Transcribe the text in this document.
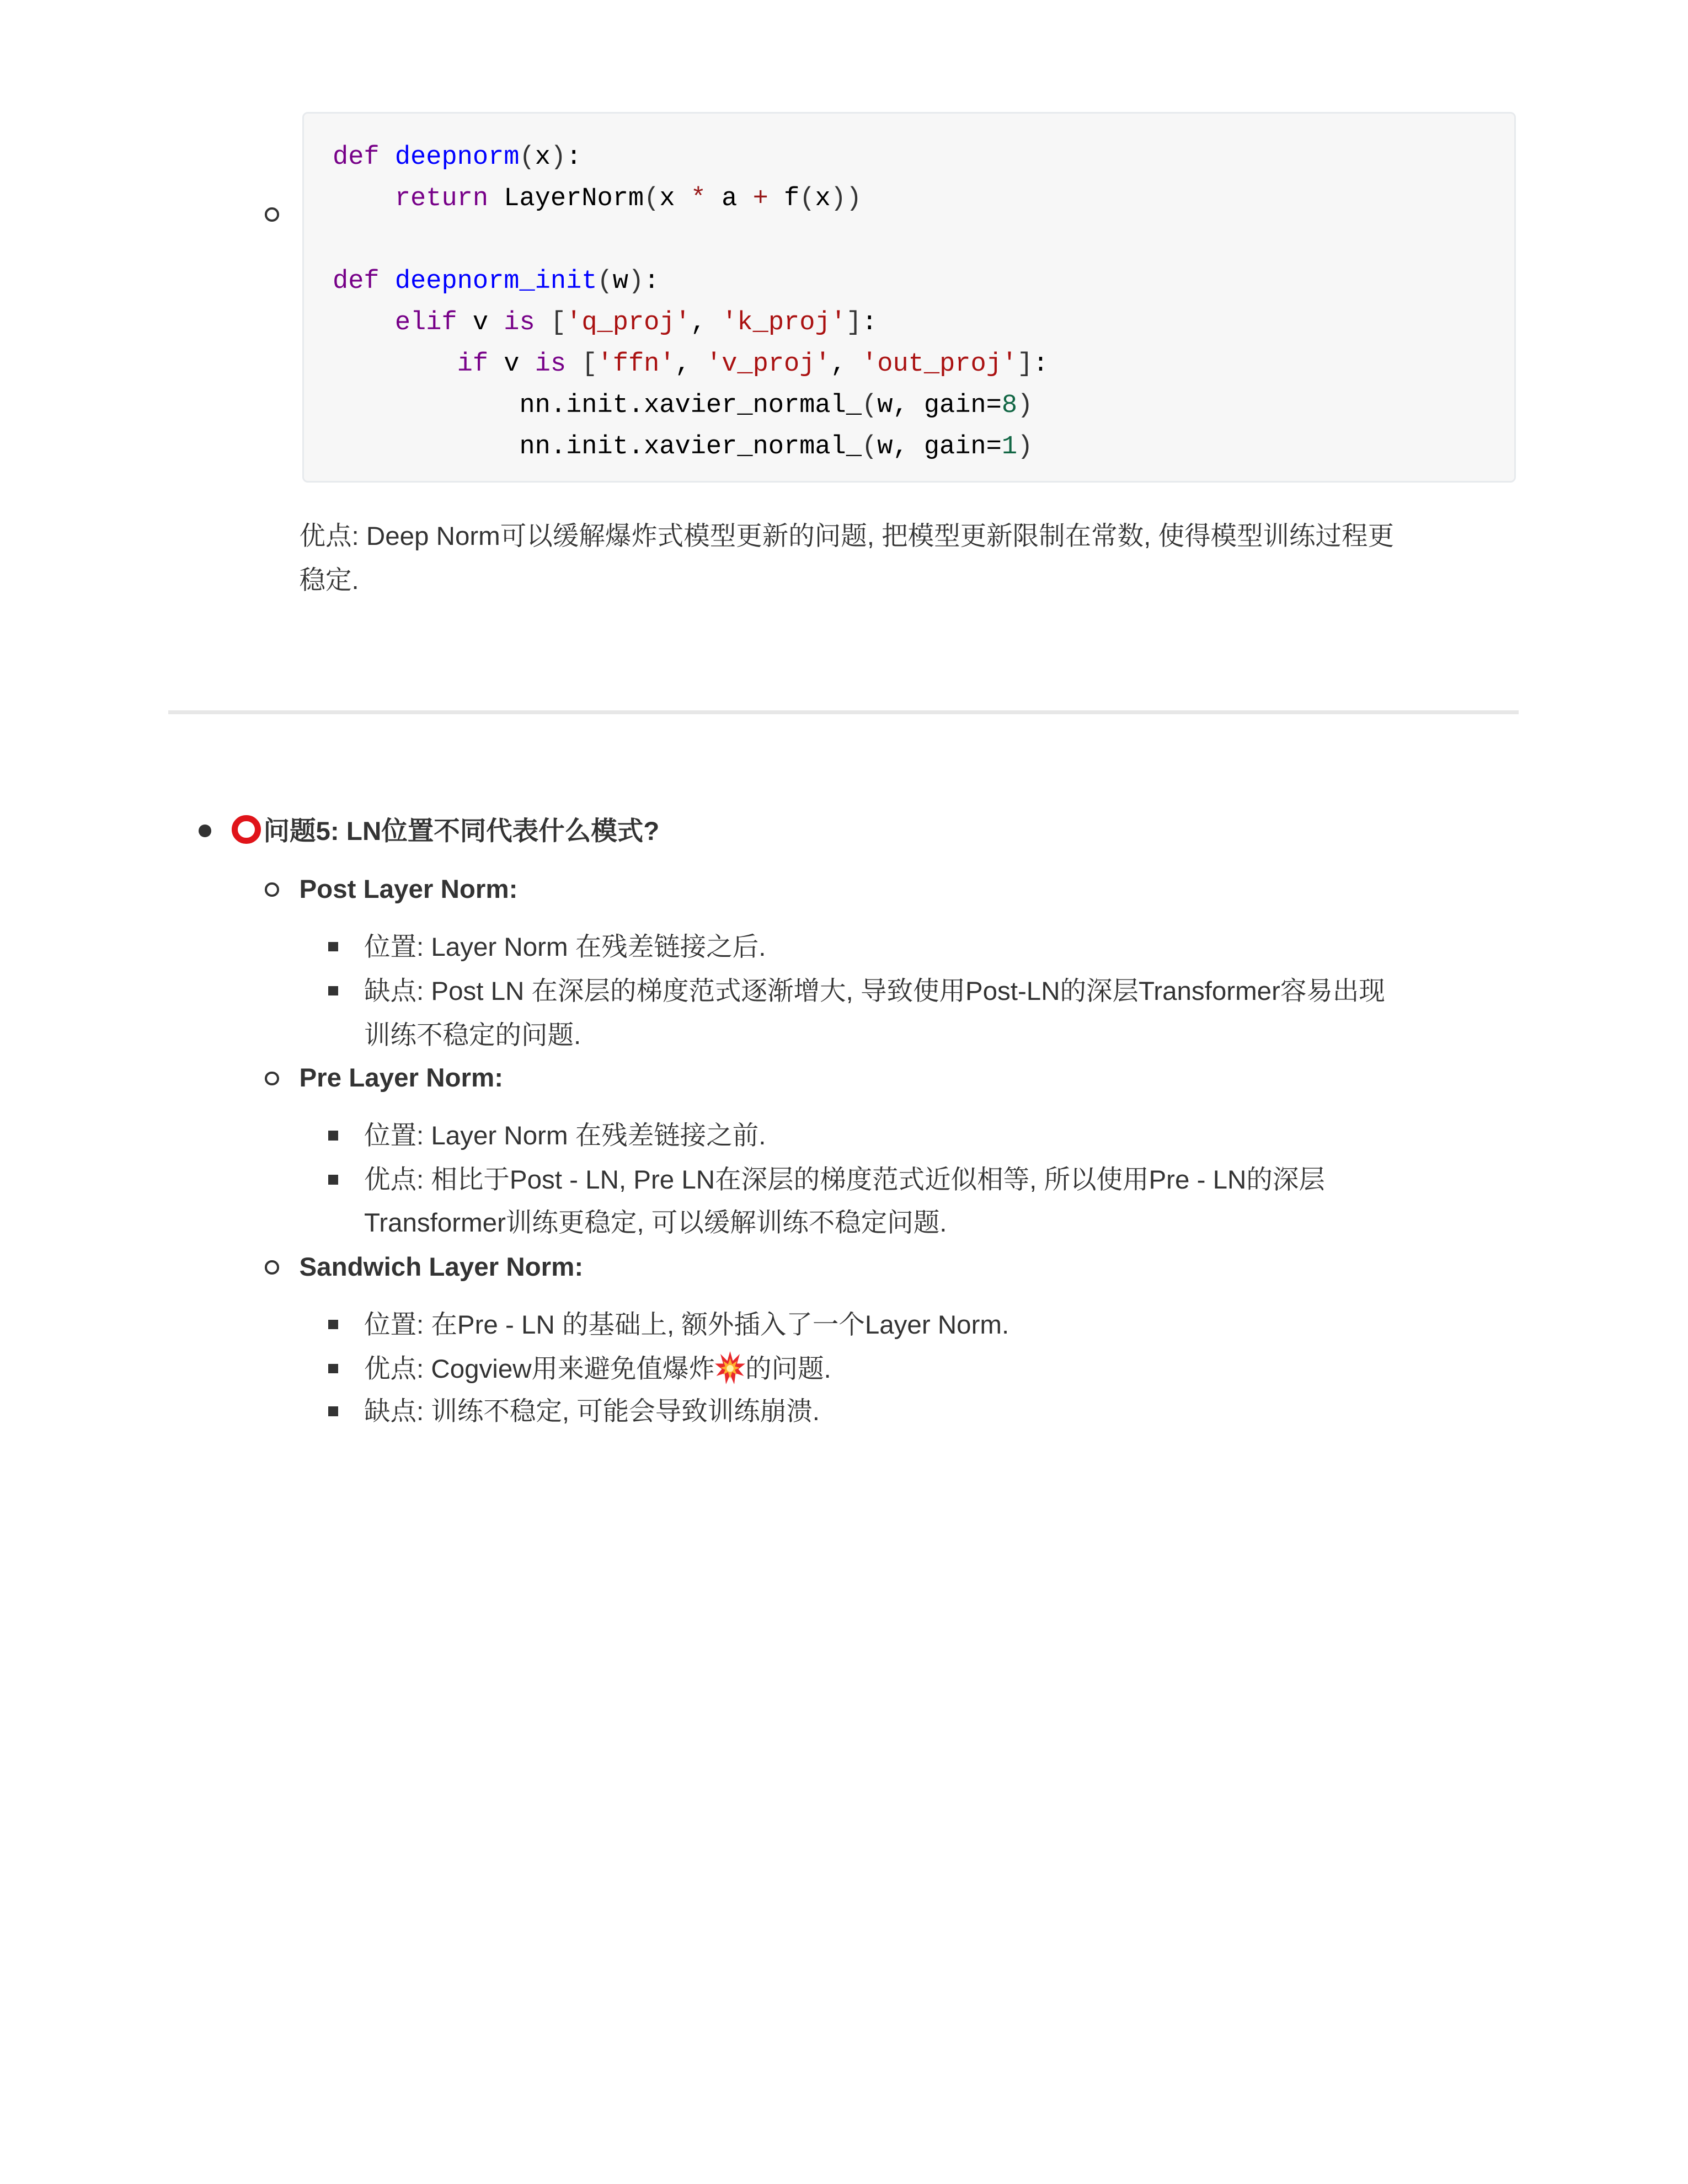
def deepnorm(x):
return LayerNorm(x * a + f(x))

def deepnorm_init(w):
elif v is ['q_proj', 'k_proj']:
if v is ['ffn', 'v_proj', 'out_proj']:
nn.init.xavier_normal_(w, gain=8)
nn.init.xavier_normal_(w, gain=1)
优点: Deep Norm可以缓解爆炸式模型更新的问题, 把模型更新限制在常数, 使得模型训练过程更
稳定.
问题5: LN位置不同代表什么模式?
Post Layer Norm:
位置: Layer Norm 在残差链接之后.
缺点: Post LN 在深层的梯度范式逐渐增大, 导致使用Post-LN的深层Transformer容易出现
训练不稳定的问题.
Pre Layer Norm:
位置: Layer Norm 在残差链接之前.
优点: 相比于Post - LN, Pre LN在深层的梯度范式近似相等, 所以使用Pre - LN的深层
Transformer训练更稳定, 可以缓解训练不稳定问题.
Sandwich Layer Norm:
位置: 在Pre - LN 的基础上, 额外插入了一个Layer Norm.
优点: Cogview用来避免值爆炸	的问题.
缺点: 训练不稳定, 可能会导致训练崩溃.
